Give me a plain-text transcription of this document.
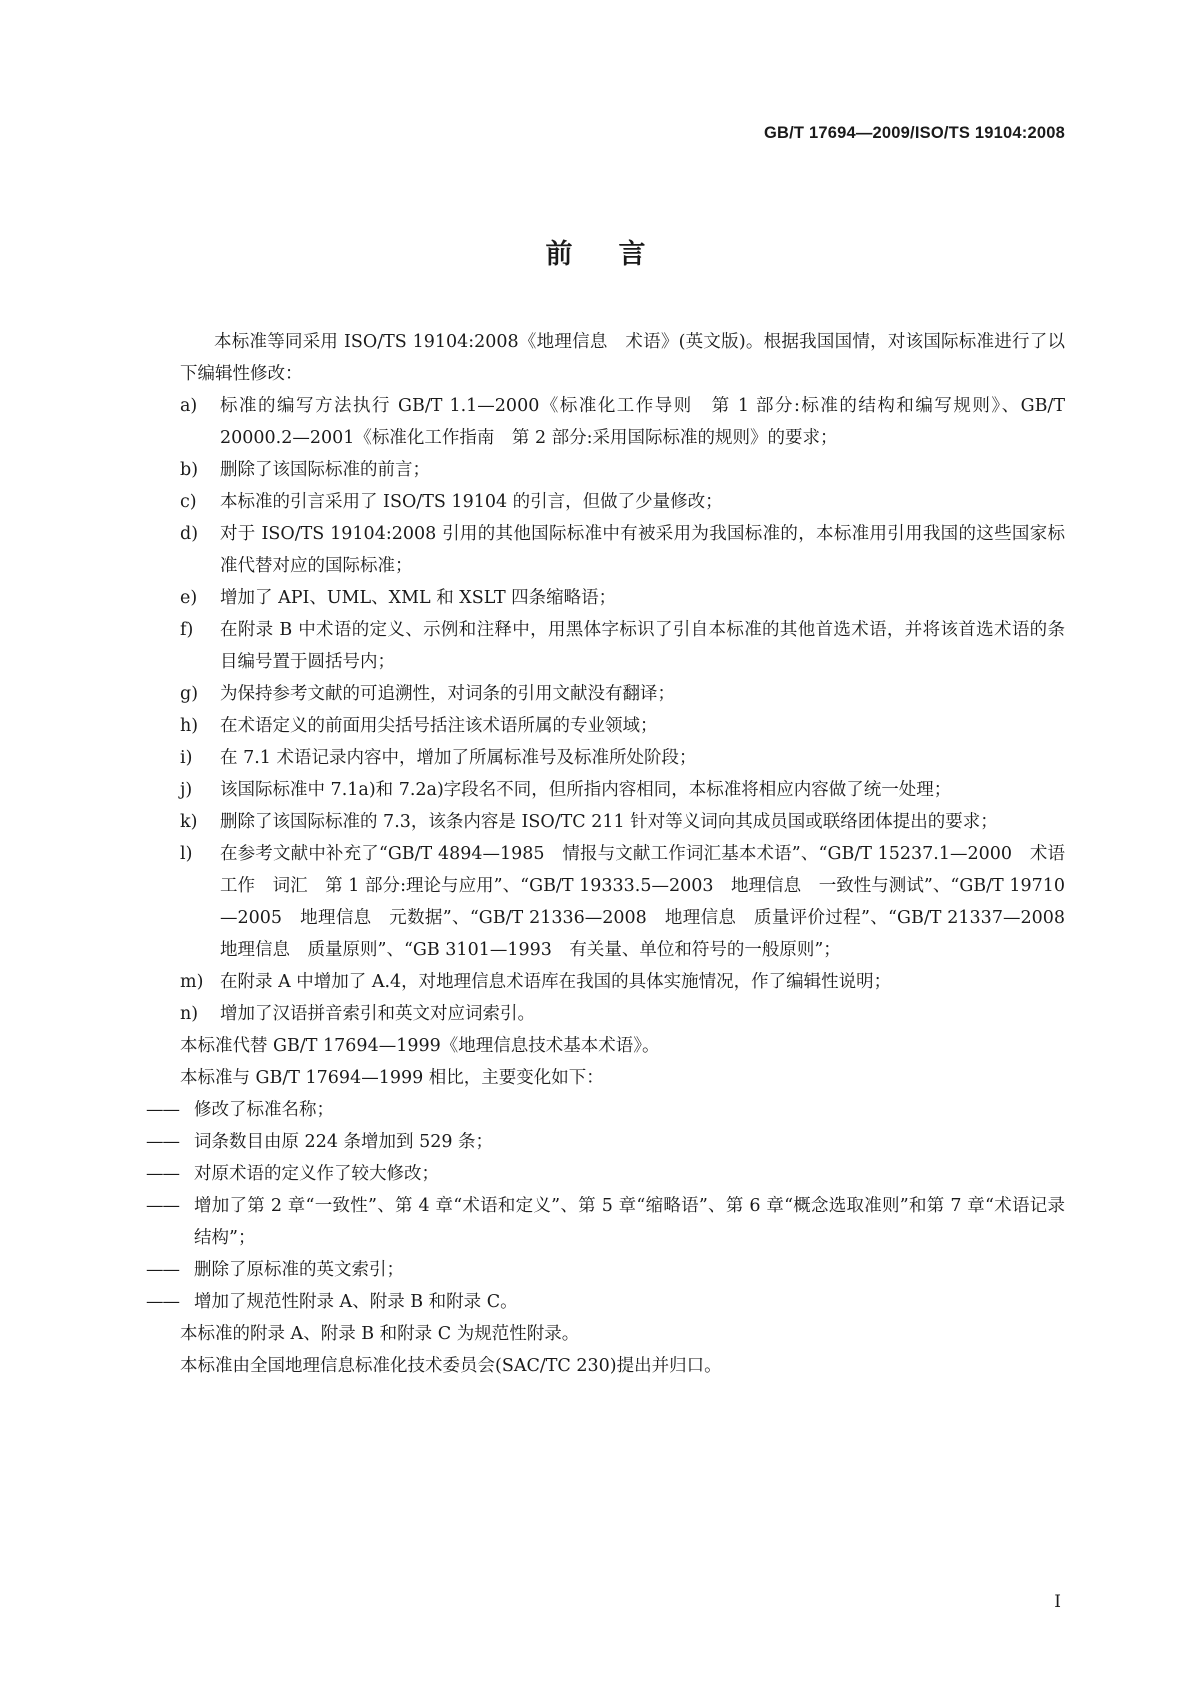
GB/T 17694—2009/ISO/TS 19104:2008
前言

本标准等同采用 ISO/TS 19104:2008《地理信息　术语》(英文版)。根据我国国情，对该国际标准进行了以下编辑性修改：

a)	标准的编写方法执行 GB/T 1.1—2000《标准化工作导则　第 1 部分:标准的结构和编写规则》、GB/T 20000.2—2001《标准化工作指南　第 2 部分:采用国际标准的规则》的要求；
b)	删除了该国际标准的前言；
c)	本标准的引言采用了 ISO/TS 19104 的引言，但做了少量修改；
d)	对于 ISO/TS 19104:2008 引用的其他国际标准中有被采用为我国标准的，本标准用引用我国的这些国家标准代替对应的国际标准；
e)	增加了 API、UML、XML 和 XSLT 四条缩略语；
f)	在附录 B 中术语的定义、示例和注释中，用黑体字标识了引自本标准的其他首选术语，并将该首选术语的条目编号置于圆括号内；
g)	为保持参考文献的可追溯性，对词条的引用文献没有翻译；
h)	在术语定义的前面用尖括号括注该术语所属的专业领域；
i)	在 7.1 术语记录内容中，增加了所属标准号及标准所处阶段；
j)	该国际标准中 7.1a)和 7.2a)字段名不同，但所指内容相同，本标准将相应内容做了统一处理；
k)	删除了该国际标准的 7.3，该条内容是 ISO/TC 211 针对等义词向其成员国或联络团体提出的要求；
l)	在参考文献中补充了“GB/T 4894—1985　情报与文献工作词汇基本术语”、“GB/T 15237.1—2000　术语工作　词汇　第 1 部分:理论与应用”、“GB/T 19333.5—2003　地理信息　一致性与测试”、“GB/T 19710—2005　地理信息　元数据”、“GB/T 21336—2008　地理信息　质量评价过程”、“GB/T 21337—2008　地理信息　质量原则”、“GB 3101—1993　有关量、单位和符号的一般原则”；
m) 在附录 A 中增加了 A.4，对地理信息术语库在我国的具体实施情况，作了编辑性说明；
n)	增加了汉语拼音索引和英文对应词索引。

本标准代替 GB/T 17694—1999《地理信息技术基本术语》。

本标准与 GB/T 17694—1999 相比，主要变化如下：

—— 修改了标准名称；
—— 词条数目由原 224 条增加到 529 条；
—— 对原术语的定义作了较大修改；
—— 增加了第 2 章“一致性”、第 4 章“术语和定义”、第 5 章“缩略语”、第 6 章“概念选取准则”和第 7 章“术语记录结构”；
—— 删除了原标准的英文索引；
—— 增加了规范性附录 A、附录 B 和附录 C。

本标准的附录 A、附录 B 和附录 C 为规范性附录。

本标准由全国地理信息标准化技术委员会(SAC/TC 230)提出并归口。

I
